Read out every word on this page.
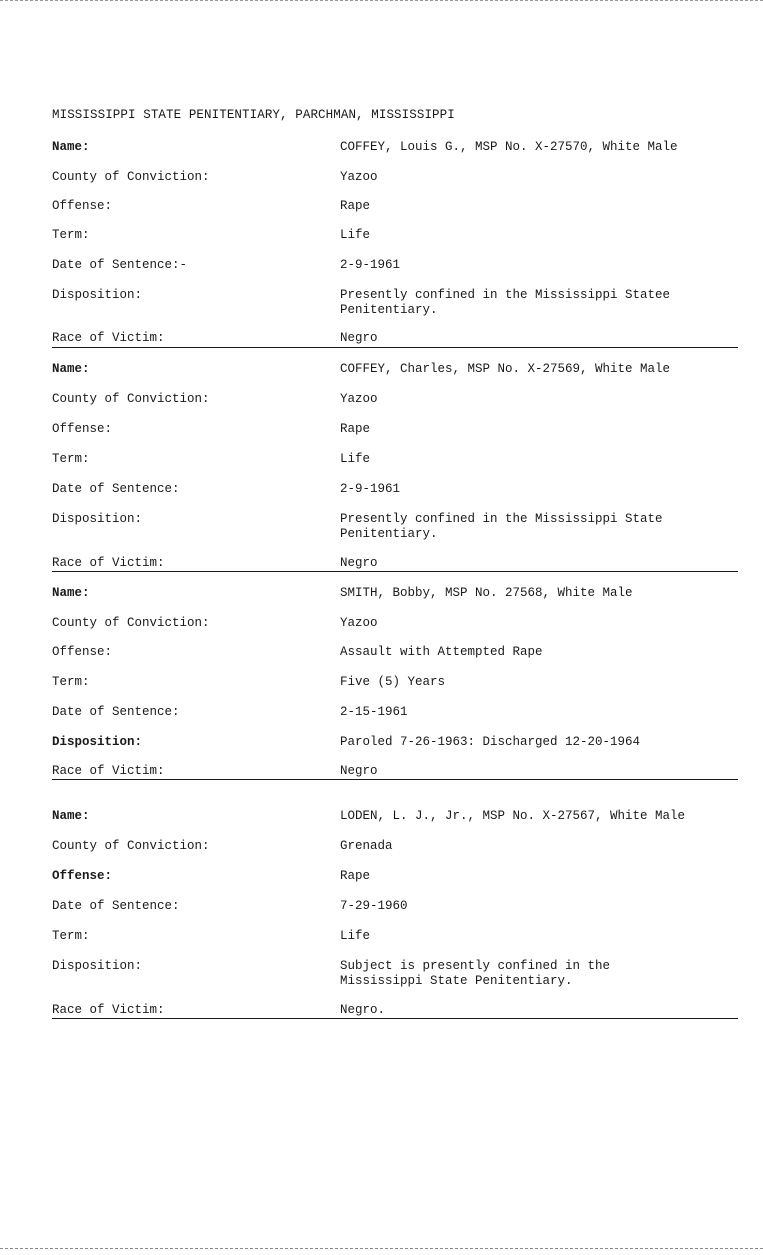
MISSISSIPPI STATE PENITENTIARY, PARCHMAN, MISSISSIPPI
Name:	COFFEY, Louis G., MSP No. X-27570, White Male
County of Conviction:	Yazoo
Offense:	Rape
Term:	Life
Date of Sentence:-	2-9-1961
Disposition:	Presently confined in the Mississippi Statee
Penitentiary.
Race of Victim:	Negro
Name:	COFFEY, Charles, MSP No. X-27569, White Male
County of Conviction:	Yazoo
Offense:	Rape
Term:	Life
Date of Sentence:	2-9-1961
Disposition:	Presently confined in the Mississippi State
Penitentiary.
Race of Victim:	Negro
Name:	SMITH, Bobby, MSP No. 27568, White Male
County of Conviction:	Yazoo
Offense:	Assault with Attempted Rape
Term:	Five (5) Years
Date of Sentence:	2-15-1961
Disposition:	Paroled 7-26-1963: Discharged 12-20-1964
Race of Victim:	Negro
Name:	LODEN, L. J., Jr., MSP No. X-27567, White Male
County of Conviction:	Grenada
Offense:	Rape
Date of Sentence:	7-29-1960
Term:	Life
Disposition:	Subject is presently confined in the
Mississippi State Penitentiary.
Race of Victim:	Negro.
